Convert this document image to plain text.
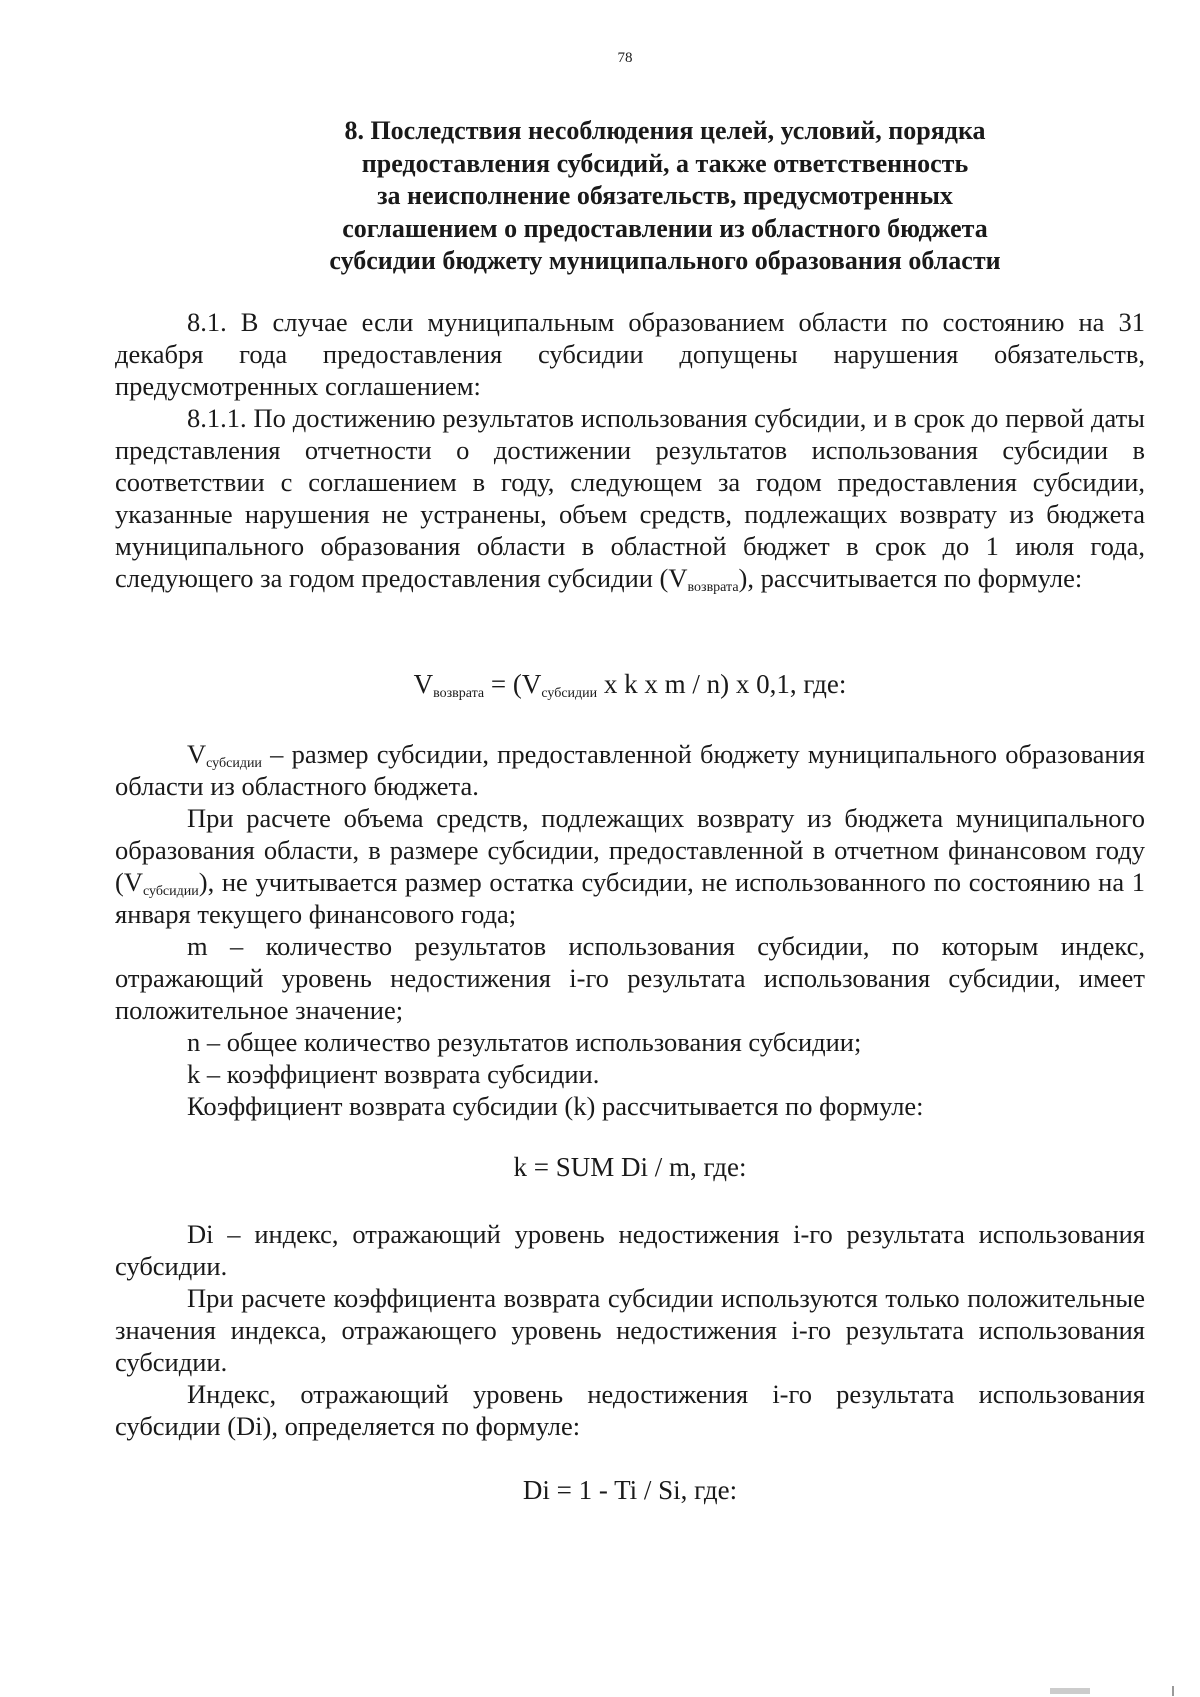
78
8. Последствия несоблюдения целей, условий, порядка
предоставления субсидий, а также ответственность
за неисполнение обязательств, предусмотренных
соглашением о предоставлении из областного бюджета
субсидии бюджету муниципального образования области

8.1. В случае если муниципальным образованием области по состоянию на 31 декабря года предоставления субсидии допущены нарушения обязательств, предусмотренных соглашением:

8.1.1. По достижению результатов использования субсидии, и в срок до первой даты представления отчетности о достижении результатов использования субсидии в соответствии с соглашением в году, следующем за годом предоставления субсидии, указанные нарушения не устранены, объем средств, подлежащих возврату из бюджета муниципального образования области в областной бюджет в срок до 1 июля года, следующего за годом предоставления субсидии $(V_{возврата})$, рассчитывается по формуле:

$V_{возврата} = (V_{субсидии}$ x k x m / n) x 0,1, где:

$V_{субсидии}$ – размер субсидии, предоставленной бюджету муниципального образования области из областного бюджета.

При расчете объема средств, подлежащих возврату из бюджета муниципального образования области, в размере субсидии, предоставленной в отчетном финансовом году $(V_{субсидии})$, не учитывается размер остатка субсидии, не использованного по состоянию на 1 января текущего финансового года;

m – количество результатов использования субсидии, по которым индекс, отражающий уровень недостижения i-го результата использования субсидии, имеет положительное значение;

n – общее количество результатов использования субсидии;

k – коэффициент возврата субсидии.

Коэффициент возврата субсидии (k) рассчитывается по формуле:

k = SUM Di / m, где:

Di – индекс, отражающий уровень недостижения i-го результата использования субсидии.

При расчете коэффициента возврата субсидии используются только положительные значения индекса, отражающего уровень недостижения i-го результата использования субсидии.

Индекс, отражающий уровень недостижения i-го результата использования субсидии (Di), определяется по формуле:

Di = 1 - Ti / Si, где:
